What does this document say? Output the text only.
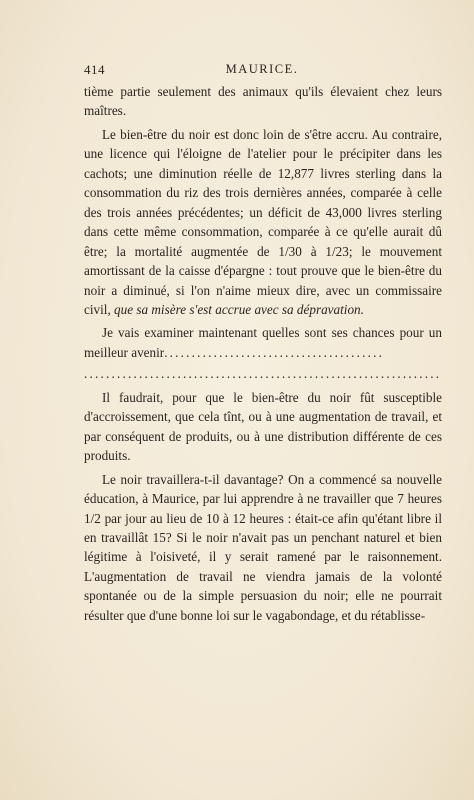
414	MAURICE.

tième partie seulement des animaux qu'ils élevaient chez leurs maîtres.

Le bien-être du noir est donc loin de s'être accru. Au contraire, une licence qui l'éloigne de l'atelier pour le précipiter dans les cachots; une diminution réelle de 12,877 livres sterling dans la consommation du riz des trois dernières années, comparée à celle des trois années précédentes; un déficit de 43,000 livres sterling dans cette même consommation, comparée à ce qu'elle aurait dû être; la mortalité augmentée de 1/30 à 1/23; le mouvement amortissant de la caisse d'épargne : tout prouve que le bien-être du noir a diminué, si l'on n'aime mieux dire, avec un commissaire civil, que sa misère s'est accrue avec sa dépravation.

Je vais examiner maintenant quelles sont ses chances pour un meilleur avenir........................................

.................................................................

Il faudrait, pour que le bien-être du noir fût susceptible d'accroissement, que cela tînt, ou à une augmentation de travail, et par conséquent de produits, ou à une distribution différente de ces produits.

Le noir travaillera-t-il davantage? On a commencé sa nouvelle éducation, à Maurice, par lui apprendre à ne travailler que 7 heures 1/2 par jour au lieu de 10 à 12 heures : était-ce afin qu'étant libre il en travaillât 15? Si le noir n'avait pas un penchant naturel et bien légitime à l'oisiveté, il y serait ramené par le raisonnement. L'augmentation de travail ne viendra jamais de la volonté spontanée ou de la simple persuasion du noir; elle ne pourrait résulter que d'une bonne loi sur le vagabondage, et du rétablisse-
